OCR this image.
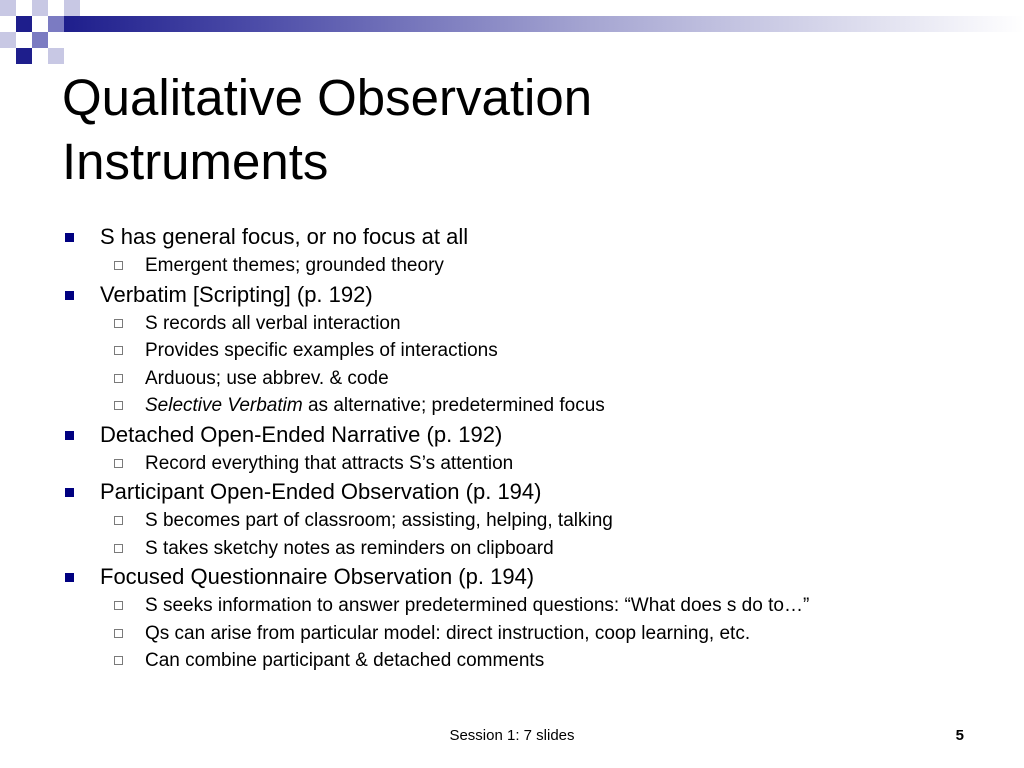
Qualitative Observation
Instruments
S has general focus, or no focus at all
Emergent themes; grounded theory
Verbatim [Scripting] (p. 192)
S records all verbal interaction
Provides specific examples of interactions
Arduous; use abbrev. & code
Selective Verbatim as alternative; predetermined focus
Detached Open-Ended Narrative (p. 192)
Record everything that attracts S’s attention
Participant Open-Ended Observation (p. 194)
S becomes part of classroom; assisting, helping, talking
S takes sketchy notes as reminders on clipboard
Focused Questionnaire Observation (p. 194)
S seeks information to answer predetermined questions: “What does s do to…”
Qs can arise from particular model: direct instruction, coop learning, etc.
Can combine participant & detached comments
Session 1: 7 slides	5
